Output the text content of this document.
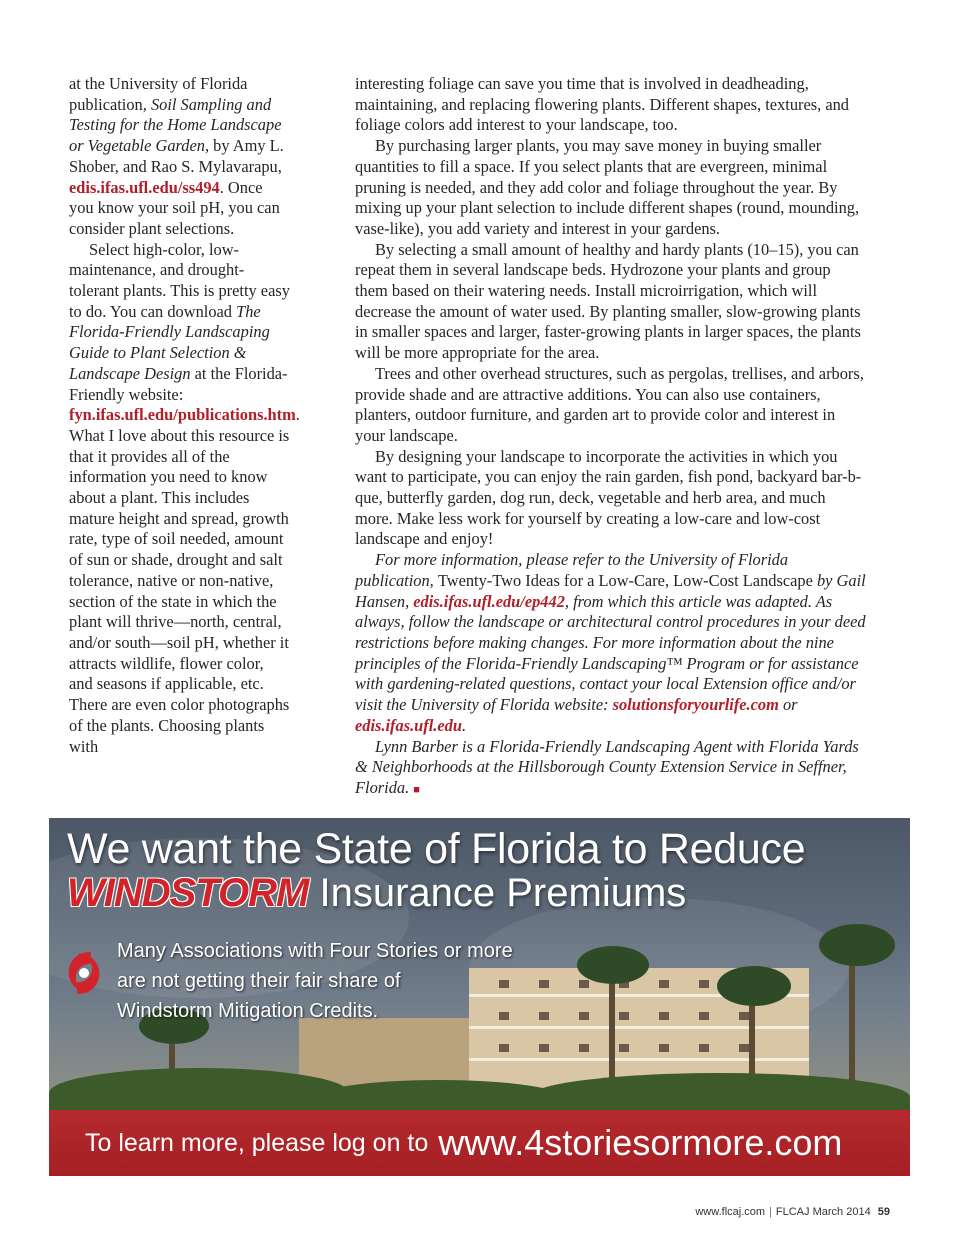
at the University of Florida publication, Soil Sampling and Testing for the Home Landscape or Vegetable Garden, by Amy L. Shober, and Rao S. Mylavarapu, edis.ifas.ufl.edu/ss494. Once you know your soil pH, you can consider plant selections.

Select high-color, low-maintenance, and drought-tolerant plants. This is pretty easy to do. You can download The Florida-Friendly Landscaping Guide to Plant Selection & Landscape Design at the Florida-Friendly website: fyn.ifas.ufl.edu/publications.htm. What I love about this resource is that it provides all of the information you need to know about a plant. This includes mature height and spread, growth rate, type of soil needed, amount of sun or shade, drought and salt tolerance, native or non-native, section of the state in which the plant will thrive—north, central, and/or south—soil pH, whether it attracts wildlife, flower color, and seasons if applicable, etc. There are even color photographs of the plants. Choosing plants with

interesting foliage can save you time that is involved in deadheading, maintaining, and replacing flowering plants. Different shapes, textures, and foliage colors add interest to your landscape, too.

By purchasing larger plants, you may save money in buying smaller quantities to fill a space. If you select plants that are evergreen, minimal pruning is needed, and they add color and foliage throughout the year. By mixing up your plant selection to include different shapes (round, mounding, vase-like), you add variety and interest in your gardens.

By selecting a small amount of healthy and hardy plants (10–15), you can repeat them in several landscape beds. Hydrozone your plants and group them based on their watering needs. Install microirrigation, which will decrease the amount of water used. By planting smaller, slow-growing plants in smaller spaces and larger, faster-growing plants in larger spaces, the plants will be more appropriate for the area.

Trees and other overhead structures, such as pergolas, trellises, and arbors, provide shade and are attractive additions. You can also use containers, planters, outdoor furniture, and garden art to provide color and interest in your landscape.

By designing your landscape to incorporate the activities in which you want to participate, you can enjoy the rain garden, fish pond, backyard bar-b-que, butterfly garden, dog run, deck, vegetable and herb area, and much more. Make less work for yourself by creating a low-care and low-cost landscape and enjoy!

For more information, please refer to the University of Florida publication, Twenty-Two Ideas for a Low-Care, Low-Cost Landscape by Gail Hansen, edis.ifas.ufl.edu/ep442, from which this article was adapted. As always, follow the landscape or architectural control procedures in your deed restrictions before making changes. For more information about the nine principles of the Florida-Friendly Landscaping™ Program or for assistance with gardening-related questions, contact your local Extension office and/or visit the University of Florida website: solutionsforyourlife.com or edis.ifas.ufl.edu.

Lynn Barber is a Florida-Friendly Landscaping Agent with Florida Yards & Neighborhoods at the Hillsborough County Extension Service in Seffner, Florida. ■

We want the State of Florida to Reduce
WINDSTORM Insurance Premiums

Many Associations with Four Stories or more

are not getting their fair share of

Windstorm Mitigation Credits.

To learn more, please log on to www.4storiesormore.com
www.flcaj.com | FLCAJ March 2014 59
